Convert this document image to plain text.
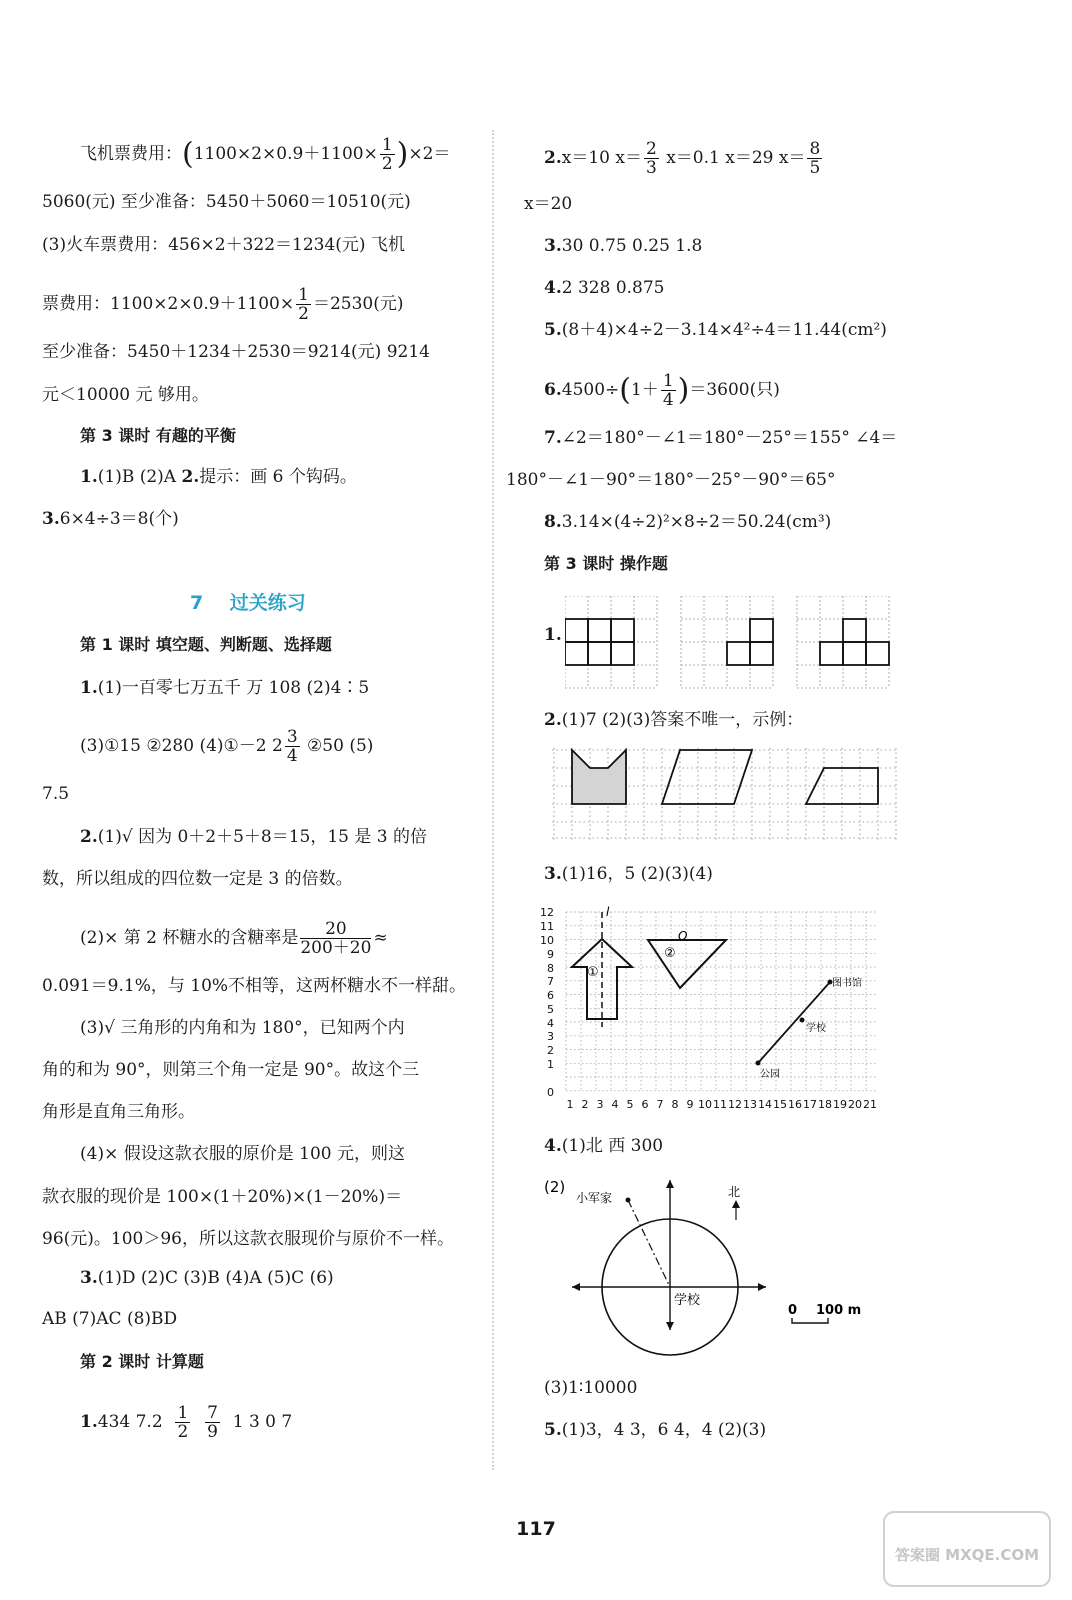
飞机票费用：$(1100\times 2\times 0.9+1100\times \frac{1}{2} )\times 2=$
5060(元) 至少准备：5450＋5060＝10510(元)
(3)火车票费用：456×2＋322＝1234(元) 飞机
票费用：$1100\times 2\times 0.9+1100\times \frac{1}{2} =2530$(元)
至少准备：5450＋1234＋2530＝9214(元) 9214
元＜10000 元 够用。
第 3 课时 有趣的平衡
1.(1)B (2)A 2.提示：画 6 个钩码。
3.6×4÷3＝8(个)
7 过关练习
第 1 课时 填空题、判断题、选择题
1.(1)一百零七万五千 万 108 (2)4∶5
(3)①15 ②280 (4)①－2 $2 \frac{3}{4}$ ②50 (5)
7.5
2.(1)√ 因为 0＋2＋5＋8＝15，15 是 3 的倍
数，所以组成的四位数一定是 3 的倍数。
(2)× 第 2 杯糖水的含糖率是 $\frac{20}{200+20}$ ≈
0.091＝9.1%，与 10%不相等，这两杯糖水不一样甜。
(3)√ 三角形的内角和为 180°，已知两个内
角的和为 90°，则第三个角一定是 90°。故这个三
角形是直角三角形。
(4)× 假设这款衣服的原价是 100 元，则这
款衣服的现价是 100×(1＋20%)×(1－20%)＝
96(元)。100＞96，所以这款衣服现价与原价不一样。
3.(1)D (2)C (3)B (4)A (5)C (6)
AB (7)AC (8)BD
第 2 课时 计算题
1.434 $7.2 \frac{1}{2}$
$\frac{7}{9} 1$ 3 0 7
2.x＝10 $x= \frac{2}{3} x=0.1$ x＝29 $x= \frac{8}{5}$
x＝20
3.30 0.75 0.25 1.8
4.2 328 0.875
5.(8＋4)×4÷2－3.14×4²÷4＝11.44(cm²)
$6.4500\div(1+ \frac{1}{4} )=3600$(只)
7.∠2＝180°－∠1＝180°－25°＝155° ∠4＝
180°－∠1－90°＝180°－25°－90°＝65°
8.3.14×(4÷2)²×8÷2＝50.24(cm³)
第 3 课时 操作题
1.
2.(1)7 (2)(3)答案不唯一，示例：
3.(1)16，5 (2)(3)(4)
12
11
10
9
8
7
6
5
4
3
2
1
0
1 2 3 4 5 6 7 8 9 10 11 12 13 14 15 16 17 18 19 20 21
l
①
②
O
图书馆
学校
公园
4.(1)北 西 300
(2)
小军家	北
学校
0 100 m
(3)1∶10000
5.(1)3，4 3，6 4，4 (2)(3)
117
答案圈 MXQE.COM
